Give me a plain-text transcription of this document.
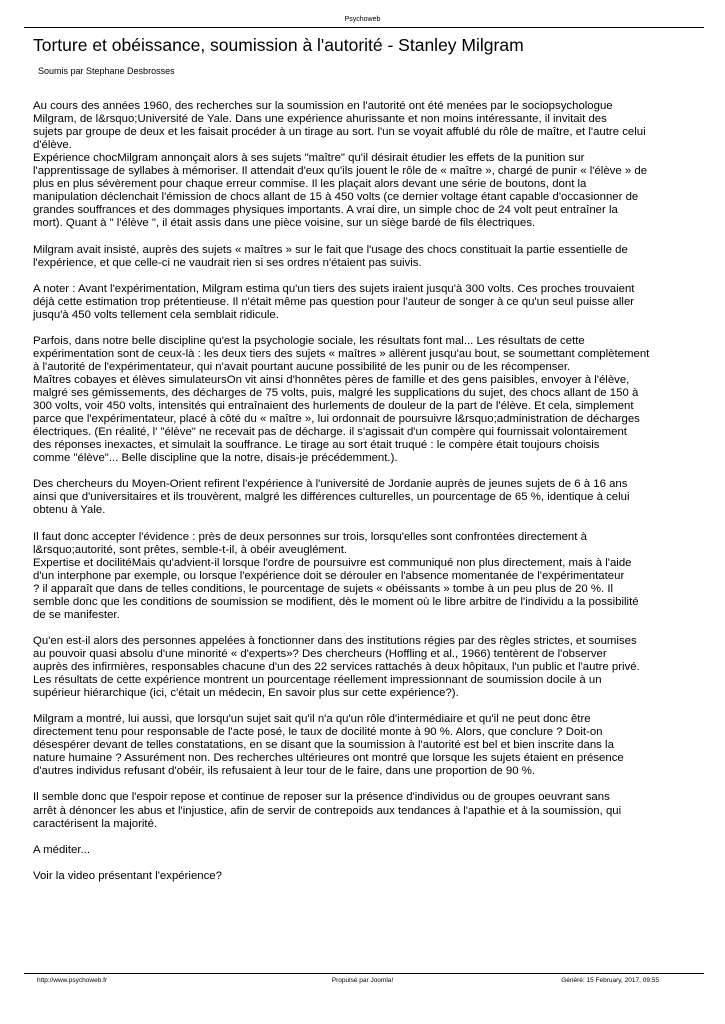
Psychoweb
Torture et obéissance, soumission à l'autorité - Stanley Milgram
Soumis par Stephane Desbrosses

Au cours des années 1960, des recherches sur la soumission en l'autorité ont été menées par le sociopsychologue
Milgram, de l&rsquo;Université de Yale. Dans une expérience ahurissante et non moins intéressante, il invitait des
sujets par groupe de deux et les faisait procéder à un tirage au sort. l'un se voyait affublé du rôle de maître, et l'autre celui
d'élève.
Expérience chocMilgram annonçait alors à ses sujets "maître" qu'il désirait étudier les effets de la punition sur
l'apprentissage de syllabes à mémoriser. Il attendait d'eux qu'ils jouent le rôle de « maître », chargé de punir « l'élève » de
plus en plus sévèrement pour chaque erreur commise. Il les plaçait alors devant une série de boutons, dont la
manipulation déclenchait l'émission de chocs allant de 15 à 450 volts (ce dernier voltage étant capable d'occasionner de
grandes souffrances et des dommages physiques importants. A vrai dire, un simple choc de 24 volt peut entraîner la
mort). Quant à " l'élève ", il était assis dans une pièce voisine, sur un siège bardé de fils électriques.

Milgram avait insisté, auprès des sujets « maîtres » sur le fait que l'usage des chocs constituait la partie essentielle de
l'expérience, et que celle-ci ne vaudrait rien si ses ordres n'étaient pas suivis.

A noter : Avant l'expérimentation, Milgram estima qu'un tiers des sujets iraient jusqu'à 300 volts. Ces proches trouvaient
déjà cette estimation trop prétentieuse. Il n'était même pas question pour l'auteur de songer à ce qu'un seul puisse aller
jusqu'à 450 volts tellement cela semblait ridicule.

Parfois, dans notre belle discipline qu'est la psychologie sociale, les résultats font mal... Les résultats de cette
expérimentation sont de ceux-là : les deux tiers des sujets « maîtres » allèrent jusqu'au bout, se soumettant complètement
à l'autorité de l'expérimentateur, qui n'avait pourtant aucune possibilité de les punir ou de les récompenser.
Maîtres cobayes et élèves simulateursOn vit ainsi d'honnêtes pères de famille et des gens paisibles, envoyer à l'élève,
malgré ses gémissements, des décharges de 75 volts, puis, malgré les supplications du sujet, des chocs allant de 150 à
300 volts, voir 450 volts, intensités qui entraînaient des hurlements de douleur de la part de l'élève. Et cela, simplement
parce que l'expérimentateur, placé à côté du « maître », lui ordonnait de poursuivre l&rsquo;administration de décharges
électriques. (En réalité, l' "élève" ne recevait pas de décharge. il s'agissait d'un compère qui fournissait volontairement
des réponses inexactes, et simulait la souffrance. Le tirage au sort était truqué : le compère était toujours choisis
comme "élève"... Belle discipline que la notre, disais-je précédemment.).

Des chercheurs du Moyen-Orient refirent l'expérience à l'université de Jordanie auprès de jeunes sujets de 6 à 16 ans
ainsi que d'universitaires et ils trouvèrent, malgré les différences culturelles, un pourcentage de 65 %, identique à celui
obtenu à Yale.

Il faut donc accepter l'évidence : près de deux personnes sur trois, lorsqu'elles sont confrontées directement à
l&rsquo;autorité, sont prêtes, semble-t-il, à obéir aveuglément.
Expertise et docilitéMais qu'advient-il lorsque l'ordre de poursuivre est communiqué non plus directement, mais à l'aide
d'un interphone par exemple, ou lorsque l'expérience doit se dérouler en l'absence momentanée de l'expérimentateur
? il apparaît que dans de telles conditions, le pourcentage de sujets « obéissants » tombe à un peu plus de 20 %. Il
semble donc que les conditions de soumission se modifient, dès le moment où le libre arbitre de l'individu a la possibilité
de se manifester.

Qu'en est-il alors des personnes appelées à fonctionner dans des institutions régies par des règles strictes, et soumises
au pouvoir quasi absolu d'une minorité « d'experts»? Des chercheurs (Hoffling et al., 1966) tentèrent de l'observer
auprès des infirmières, responsables chacune d'un des 22 services rattachés à deux hôpitaux, l'un public et l'autre privé.
Les résultats de cette expérience montrent un pourcentage réellement impressionnant de soumission docile à un
supérieur hiérarchique (ici, c'était un médecin, En savoir plus sur cette expérience?).

Milgram a montré, lui aussi, que lorsqu'un sujet sait qu'il n'a qu'un rôle d'intermédiaire et qu'il ne peut donc être
directement tenu pour responsable de l'acte posé, le taux de docilité monte à 90 %. Alors, que conclure ? Doit-on
désespérer devant de telles constatations, en se disant que la soumission à l'autorité est bel et bien inscrite dans la
nature humaine ? Assurément non. Des recherches ultérieures ont montré que lorsque les sujets étaient en présence
d'autres individus refusant d'obéir, ils refusaient à leur tour de le faire, dans une proportion de 90 %.

Il semble donc que l'espoir repose et continue de reposer sur la présence d'individus ou de groupes oeuvrant sans
arrêt à dénoncer les abus et l'injustice, afin de servir de contrepoids aux tendances à l'apathie et à la soumission, qui
caractérisent la majorité.

A méditer...

Voir la video présentant l'expérience?

http://www.psychoweb.fr	Propulsé par Joomla!	Généré: 15 February, 2017, 09:55
